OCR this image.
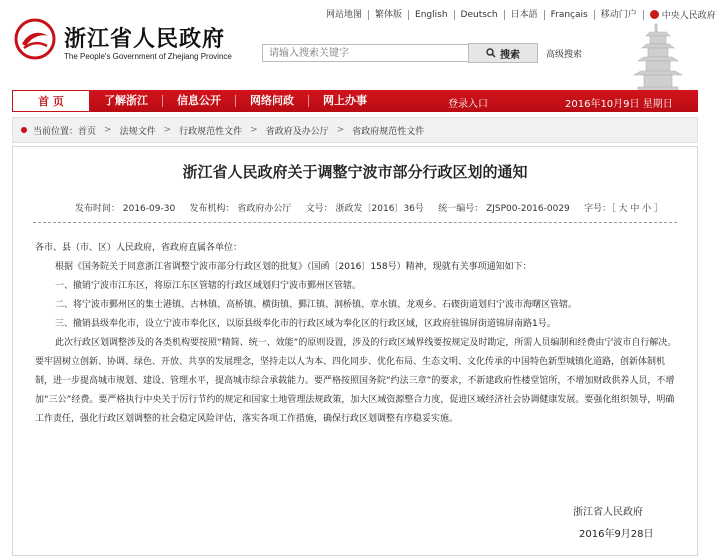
网站地图	繁体版	English	Deutsch	日本語	Français	移动门户	中央人民政府
浙江省人民政府
The People's Government of Zhejiang Province
请输入搜索关键字	搜索	高级搜索
首 页	了解浙江	信息公开	网络问政	网上办事	登录入口	2016年10月9日 星期日
当前位置： 首页 > 法规文件 > 行政规范性文件 > 省政府及办公厅 > 省政府规范性文件
浙江省人民政府关于调整宁波市部分行政区划的通知
发布时间： 2016-09-30 发布机构： 省政府办公厅 文号： 浙政发〔2016〕36号 统一编号： ZJSP00-2016-0029 字号：［ 大 中 小 ］

各市、县（市、区）人民政府，省政府直属各单位：

根据《国务院关于同意浙江省调整宁波市部分行政区划的批复》（国函〔2016〕158号）精神，现就有关事项通知如下：

一、撤销宁波市江东区，将原江东区管辖的行政区域划归宁波市鄞州区管辖。

二、将宁波市鄞州区的集士港镇、古林镇、高桥镇、横街镇、鄞江镇、洞桥镇、章水镇、龙观乡、石碶街道划归宁波市海曙区管辖。

三、撤销县级奉化市，设立宁波市奉化区，以原县级奉化市的行政区域为奉化区的行政区域，区政府驻锦屏街道锦屏南路1号。

此次行政区划调整涉及的各类机构要按照“精简、统一、效能”的原则设置，涉及的行政区域界线要按规定及时勘定，所需人员编制和经费由宁波市自行解决。要牢固树立创新、协调、绿色、开放、共享的发展理念，坚持走以人为本、四化同步、优化布局、生态文明、文化传承的中国特色新型城镇化道路，创新体制机制，进一步提高城市规划、建设、管理水平，提高城市综合承载能力。要严格按照国务院“约法三章”的要求，不新建政府性楼堂馆所，不增加财政供养人员，不增加“三公”经费。要严格执行中央关于厉行节约的规定和国家土地管理法规政策，加大区域资源整合力度，促进区域经济社会协调健康发展。要强化组织领导，明确工作责任，强化行政区划调整的社会稳定风险评估，落实各项工作措施，确保行政区划调整有序稳妥实施。

浙江省人民政府
2016年9月28日
